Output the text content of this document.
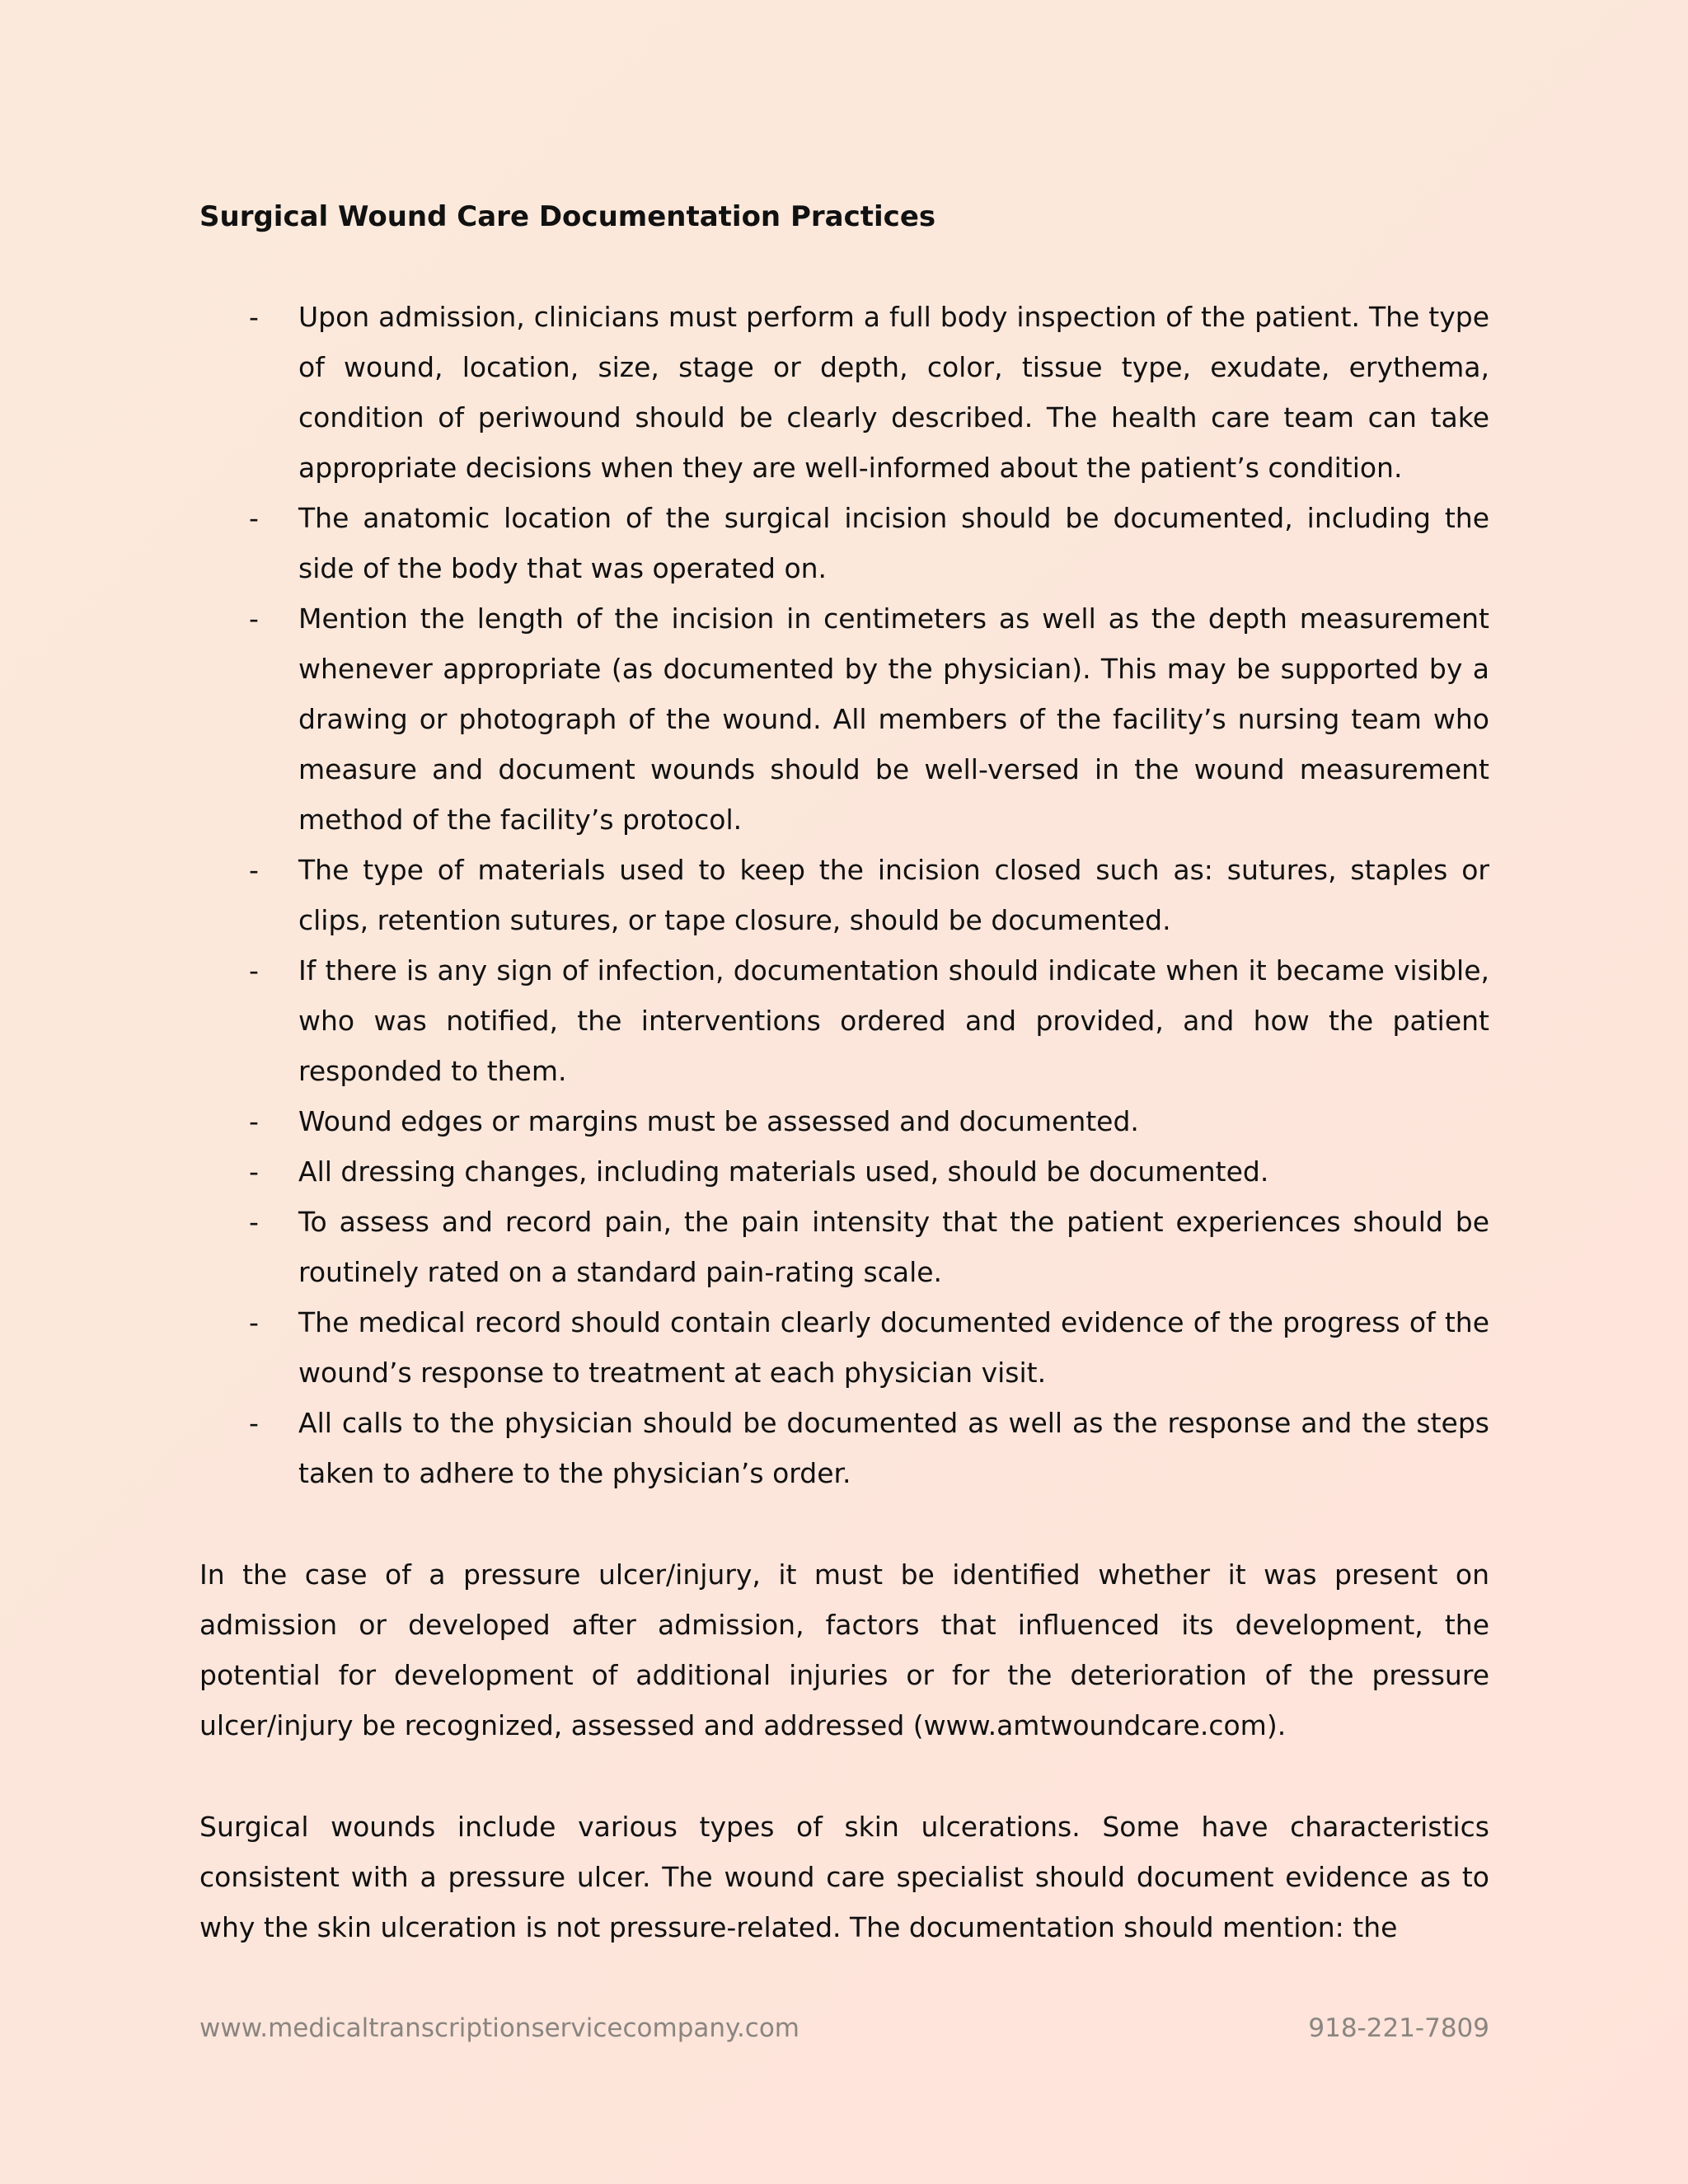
Surgical Wound Care Documentation Practices
- Upon admission, clinicians must perform a full body inspection of the patient. The type of wound, location, size, stage or depth, color, tissue type, exudate, erythema, condition of periwound should be clearly described. The health care team can take appropriate decisions when they are well-informed about the patient’s condition.
- The anatomic location of the surgical incision should be documented, including the side of the body that was operated on.
- Mention the length of the incision in centimeters as well as the depth measurement whenever appropriate (as documented by the physician). This may be supported by a drawing or photograph of the wound. All members of the facility’s nursing team who measure and document wounds should be well-versed in the wound measurement method of the facility’s protocol.
- The type of materials used to keep the incision closed such as: sutures, staples or clips, retention sutures, or tape closure, should be documented.
- If there is any sign of infection, documentation should indicate when it became visible, who was notified, the interventions ordered and provided, and how the patient responded to them.
- Wound edges or margins must be assessed and documented.
- All dressing changes, including materials used, should be documented.
- To assess and record pain, the pain intensity that the patient experiences should be routinely rated on a standard pain-rating scale.
- The medical record should contain clearly documented evidence of the progress of the wound’s response to treatment at each physician visit.
- All calls to the physician should be documented as well as the response and the steps taken to adhere to the physician’s order.

In the case of a pressure ulcer/injury, it must be identified whether it was present on admission or developed after admission, factors that influenced its development, the potential for development of additional injuries or for the deterioration of the pressure ulcer/injury be recognized, assessed and addressed (www.amtwoundcare.com).

Surgical wounds include various types of skin ulcerations. Some have characteristics consistent with a pressure ulcer. The wound care specialist should document evidence as to why the skin ulceration is not pressure-related. The documentation should mention: the

www.medicaltranscriptionservicecompany.com	918-221-7809
